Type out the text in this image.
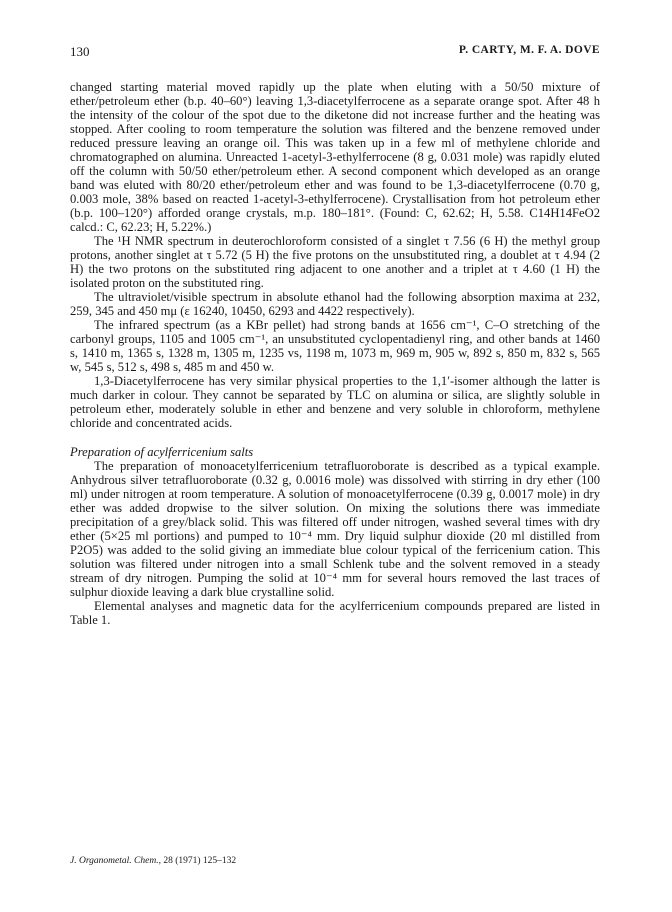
130	P. CARTY, M. F. A. DOVE

changed starting material moved rapidly up the plate when eluting with a 50/50 mixture of ether/petroleum ether (b.p. 40–60°) leaving 1,3-diacetylferrocene as a separate orange spot. After 48 h the intensity of the colour of the spot due to the diketone did not increase further and the heating was stopped. After cooling to room temperature the solution was filtered and the benzene removed under reduced pressure leaving an orange oil. This was taken up in a few ml of methylene chloride and chromatographed on alumina. Unreacted 1-acetyl-3-ethylferrocene (8 g, 0.031 mole) was rapidly eluted off the column with 50/50 ether/petroleum ether. A second component which developed as an orange band was eluted with 80/20 ether/petroleum ether and was found to be 1,3-diacetylferrocene (0.70 g, 0.003 mole, 38% based on reacted 1-acetyl-3-ethylferrocene). Crystallisation from hot petroleum ether (b.p. 100–120°) afforded orange crystals, m.p. 180–181°. (Found: C, 62.62; H, 5.58. C14H14FeO2 calcd.: C, 62.23; H, 5.22%.)

The ¹H NMR spectrum in deuterochloroform consisted of a singlet τ 7.56 (6 H) the methyl group protons, another singlet at τ 5.72 (5 H) the five protons on the unsubstituted ring, a doublet at τ 4.94 (2 H) the two protons on the substituted ring adjacent to one another and a triplet at τ 4.60 (1 H) the isolated proton on the substituted ring.

The ultraviolet/visible spectrum in absolute ethanol had the following absorption maxima at 232, 259, 345 and 450 mμ (ε 16240, 10450, 6293 and 4422 respectively).

The infrared spectrum (as a KBr pellet) had strong bands at 1656 cm⁻¹, C–O stretching of the carbonyl groups, 1105 and 1005 cm⁻¹, an unsubstituted cyclopentadienyl ring, and other bands at 1460 s, 1410 m, 1365 s, 1328 m, 1305 m, 1235 vs, 1198 m, 1073 m, 969 m, 905 w, 892 s, 850 m, 832 s, 565 w, 545 s, 512 s, 498 s, 485 m and 450 w.

1,3-Diacetylferrocene has very similar physical properties to the 1,1′-isomer although the latter is much darker in colour. They cannot be separated by TLC on alumina or silica, are slightly soluble in petroleum ether, moderately soluble in ether and benzene and very soluble in chloroform, methylene chloride and concentrated acids.

Preparation of acylferricenium salts

The preparation of monoacetylferricenium tetrafluoroborate is described as a typical example. Anhydrous silver tetrafluoroborate (0.32 g, 0.0016 mole) was dissolved with stirring in dry ether (100 ml) under nitrogen at room temperature. A solution of monoacetylferrocene (0.39 g, 0.0017 mole) in dry ether was added dropwise to the silver solution. On mixing the solutions there was immediate precipitation of a grey/black solid. This was filtered off under nitrogen, washed several times with dry ether (5×25 ml portions) and pumped to 10⁻⁴ mm. Dry liquid sulphur dioxide (20 ml distilled from P2O5) was added to the solid giving an immediate blue colour typical of the ferricenium cation. This solution was filtered under nitrogen into a small Schlenk tube and the solvent removed in a steady stream of dry nitrogen. Pumping the solid at 10⁻⁴ mm for several hours removed the last traces of sulphur dioxide leaving a dark blue crystalline solid.

Elemental analyses and magnetic data for the acylferricenium compounds prepared are listed in Table 1.

J. Organometal. Chem., 28 (1971) 125–132
